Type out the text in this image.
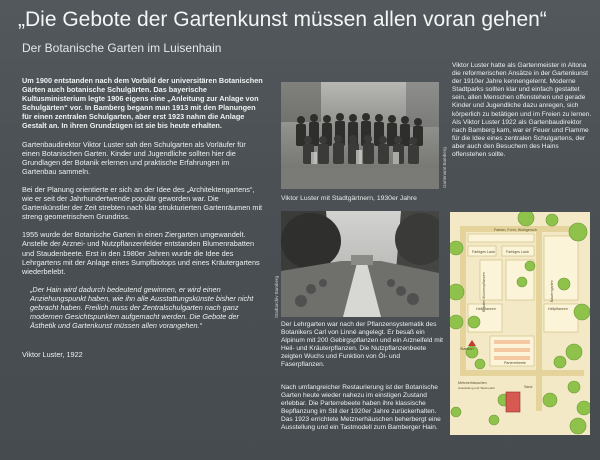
„Die Gebote der Gartenkunst müssen allen voran gehen“
Der Botanische Garten im Luisenhain

Um 1900 entstanden nach dem Vorbild der universitären Botanischen Gärten auch botanische Schulgärten. Das bayerische Kultusministerium legte 1906 eigens eine „Anleitung zur Anlage von Schulgärten“ vor. In Bamberg begann man 1913 mit den Planungen für einen zentralen Schulgarten, aber erst 1923 nahm die Anlage Gestalt an. In ihren Grundzügen ist sie bis heute erhalten.

Gartenbaudirektor Viktor Luster sah den Schulgarten als Vorläufer für einen Botanischen Garten. Kinder und Jugendliche sollten hier die Grundlagen der Botanik erlernen und praktische Erfahrungen im Gartenbau sammeln.

Bei der Planung orientierte er sich an der Idee des „Architektengartens“, wie er seit der Jahrhundertwende populär geworden war. Die Gartenkünstler der Zeit strebten nach klar strukturierten Gartenräumen mit streng geometrischem Grundriss.

1955 wurde der Botanische Garten in einen Ziergarten umgewandelt. Anstelle der Arznei- und Nutzpflanzenfelder entstanden Blumenrabatten und Staudenbeete. Erst in den 1980er Jahren wurde die Idee des Lehrgartens mit der Anlage eines Sumpfbiotops und eines Kräutergartens wiederbelebt.

„Der Hain wird dadurch bedeutend gewinnen, er wird einen Anziehungspunkt haben, wie ihn alle Ausstattungskünste bisher nicht gebracht haben. Freilich muss der Zentralschulgarten nach ganz modernen Gesichtspunkten aufgemacht werden. Die Gebote der Ästhetik und Gartenkunst müssen allen vorangehen.“

Viktor Luster, 1922

Gartenamt Bamberg
Viktor Luster mit Stadtgärtnern, 1930er Jahre
Stadtarchiv Bamberg
Der Lehrgarten war nach der Pflanzensystematik des Botanikers Carl von Linné angelegt. Er besaß ein Alpinum mit 200 Gebirgspflanzen und ein Arzneifeld mit Heil- und Kräuterpflanzen. Die Nutzpflanzenbeete zeigten Wuchs und Funktion von Öl- und Faserpflanzen.
Viktor Luster hatte als Gartenmeister in Altona die reformerischen Ansätze in der Gartenkunst der 1910er Jahre kennengelernt. Moderne Stadtparks sollten klar und einfach gestaltet sein, allen Menschen offenstehen und gerade Kinder und Jugendliche dazu anregen, sich körperlich zu betätigen und im Freien zu lernen. Als Viktor Luster 1922 als Gartenbaudirektor nach Bamberg kam, war er Feuer und Flamme für die Idee eines zentralen Schulgartens, der aber auch den Besuchern des Hains offenstehen sollte.
Nach umfangreicher Restaurierung ist der Botanische Garten heute wieder nahezu im einstigen Zustand erlebbar. Die Parterrebeete haben ihre klassische Bepflanzung im Stil der 1920er Jahre zurückerhalten. Das 1923 errichtete Metznerhäuschen beherbergt eine Ausstellung und ein Tastmodell zum Bamberger Hain.
Farben, Form, Wohlgeruch
Farbiges Laub	Farbiges Laub
Kräuter-/Küchenpflanzen	Bauerngarten
Heilpflanzen	Heilpflanzen
Parterrebeete
Standort
Sand
Metznerhäuschen
Ausstellung und Tastmodell
